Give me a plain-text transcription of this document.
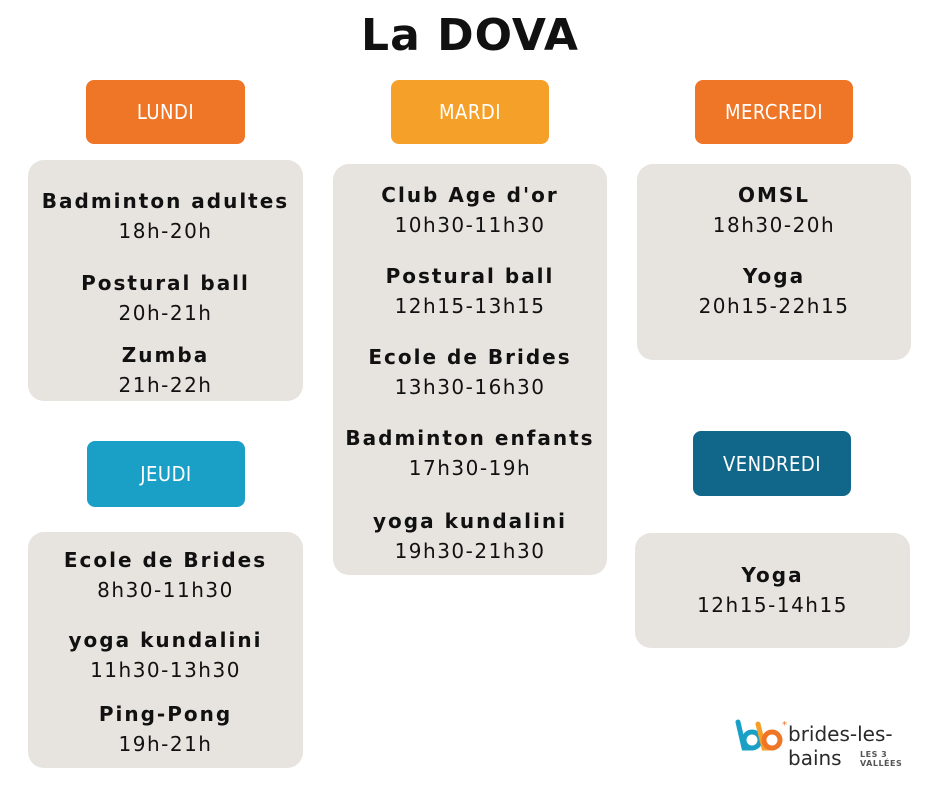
La DOVA
LUNDI
Badminton adultes
18h-20h
Postural ball
20h-21h
Zumba
21h-22h
MARDI
Club Age d'or
10h30-11h30
Postural ball
12h15-13h15
Ecole de Brides
13h30-16h30
Badminton enfants
17h30-19h
yoga kundalini
19h30-21h30
MERCREDI
OMSL
18h30-20h
Yoga
20h15-22h15
JEUDI
Ecole de Brides
8h30-11h30
yoga kundalini
11h30-13h30
Ping-Pong
19h-21h
VENDREDI
Yoga
12h15-14h15
* brides-les-bains	LES 3 VALLÉES
